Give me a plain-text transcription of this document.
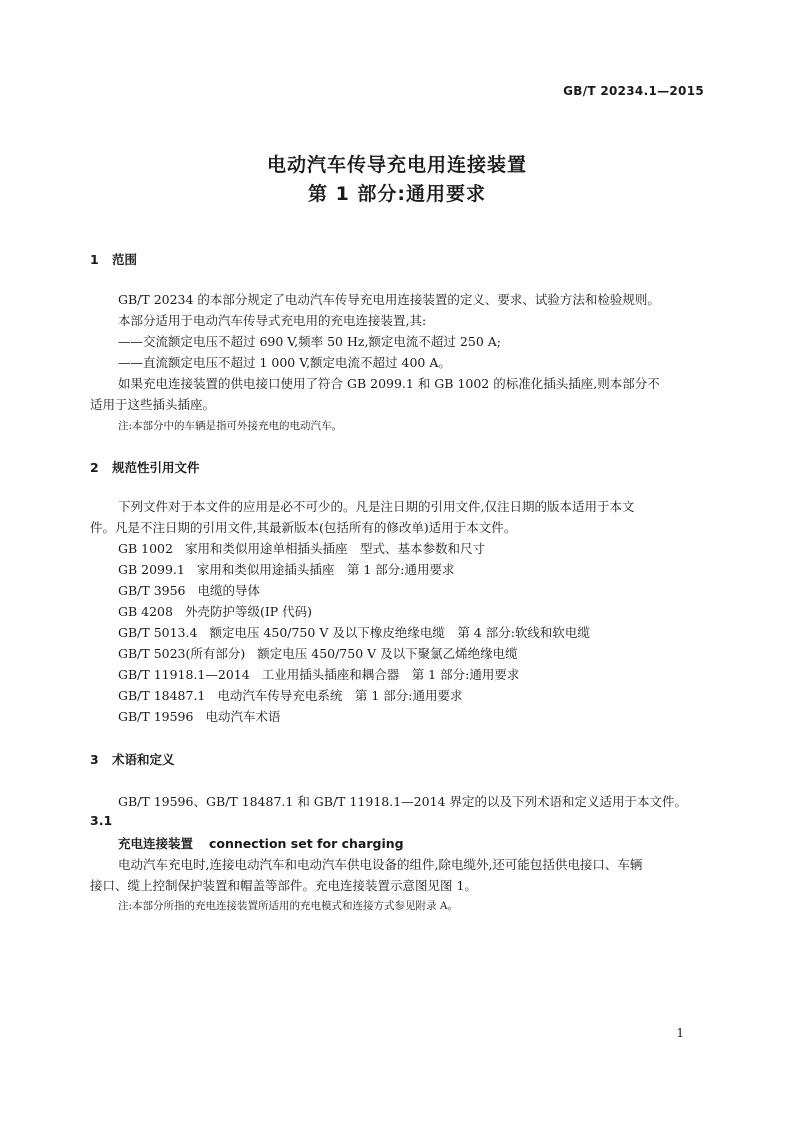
GB/T 20234.1—2015
电动汽车传导充电用连接装置
第 1 部分:通用要求
1 范围
GB/T 20234 的本部分规定了电动汽车传导充电用连接装置的定义、要求、试验方法和检验规则。
本部分适用于电动汽车传导式充电用的充电连接装置,其:
——交流额定电压不超过 690 V,频率 50 Hz,额定电流不超过 250 A;
——直流额定电压不超过 1 000 V,额定电流不超过 400 A。
如果充电连接装置的供电接口使用了符合 GB 2099.1 和 GB 1002 的标准化插头插座,则本部分不
适用于这些插头插座。
注:本部分中的车辆是指可外接充电的电动汽车。
2 规范性引用文件
下列文件对于本文件的应用是必不可少的。凡是注日期的引用文件,仅注日期的版本适用于本文
件。凡是不注日期的引用文件,其最新版本(包括所有的修改单)适用于本文件。
GB 1002 家用和类似用途单相插头插座　型式、基本参数和尺寸
GB 2099.1 家用和类似用途插头插座　第 1 部分:通用要求
GB/T 3956 电缆的导体
GB 4208 外壳防护等级(IP 代码)
GB/T 5013.4 额定电压 450/750 V 及以下橡皮绝缘电缆　第 4 部分:软线和软电缆
GB/T 5023(所有部分) 额定电压 450/750 V 及以下聚氯乙烯绝缘电缆
GB/T 11918.1—2014 工业用插头插座和耦合器　第 1 部分:通用要求
GB/T 18487.1 电动汽车传导充电系统　第 1 部分:通用要求
GB/T 19596 电动汽车术语
3 术语和定义
GB/T 19596、GB/T 18487.1 和 GB/T 11918.1—2014 界定的以及下列术语和定义适用于本文件。
3.1
充电连接装置 connection set for charging
电动汽车充电时,连接电动汽车和电动汽车供电设备的组件,除电缆外,还可能包括供电接口、车辆
接口、缆上控制保护装置和帽盖等部件。充电连接装置示意图见图 1。
注:本部分所指的充电连接装置所适用的充电模式和连接方式参见附录 A。
1
